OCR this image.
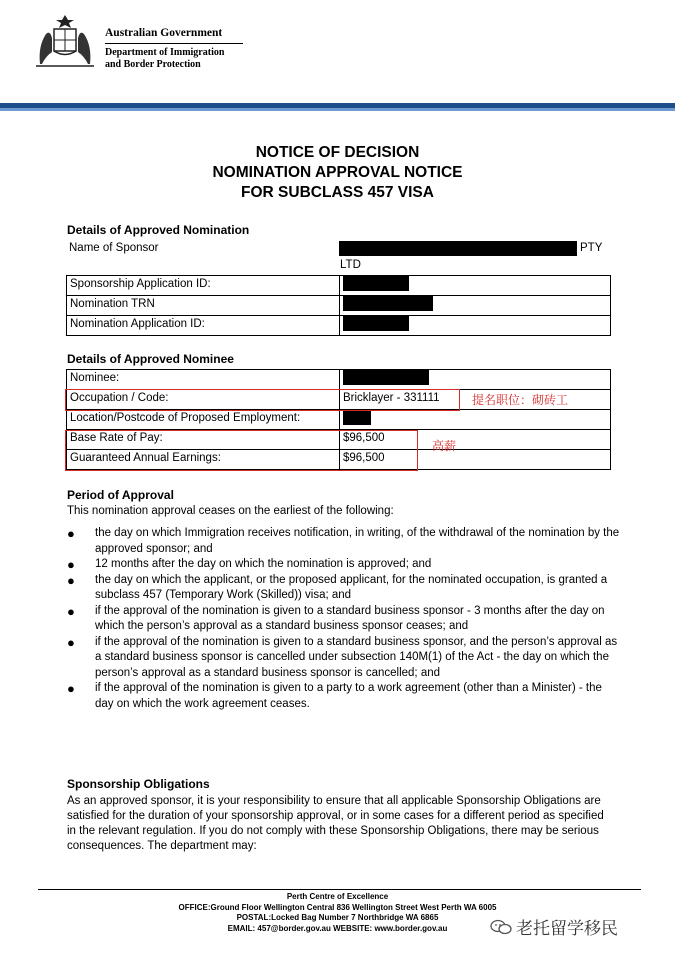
Australian Government
Department of Immigration
and Border Protection
NOTICE OF DECISION
NOMINATION APPROVAL NOTICE
FOR SUBCLASS 457 VISA
Details of Approved Nomination
Name of Sponsor	PTY
LTD
Sponsorship Application ID:	
Nomination TRN	
Nomination Application ID:	
Details of Approved Nominee
Nominee:	
Occupation / Code:	Bricklayer - 331111
Location/Postcode of Proposed Employment:	
Base Rate of Pay:	$96,500
Guaranteed Annual Earnings:	$96,500
提名职位：砌砖工
高薪
Period of Approval
This nomination approval ceases on the earliest of the following:
● the day on which Immigration receives notification, in writing, of the withdrawal of the nomination by the approved sponsor; and
● 12 months after the day on which the nomination is approved; and
● the day on which the applicant, or the proposed applicant, for the nominated occupation, is granted a subclass 457 (Temporary Work (Skilled)) visa; and
● if the approval of the nomination is given to a standard business sponsor - 3 months after the day on which the person’s approval as a standard business sponsor ceases; and
● if the approval of the nomination is given to a standard business sponsor, and the person’s approval as a standard business sponsor is cancelled under subsection 140M(1) of the Act - the day on which the person’s approval as a standard business sponsor is cancelled; and
● if the approval of the nomination is given to a party to a work agreement (other than a Minister) - the day on which the work agreement ceases.
Sponsorship Obligations
As an approved sponsor, it is your responsibility to ensure that all applicable Sponsorship Obligations are satisfied for the duration of your sponsorship approval, or in some cases for a different period as specified in the relevant regulation. If you do not comply with these Sponsorship Obligations, there may be serious consequences. The department may:
Perth Centre of Excellence
OFFICE:Ground Floor Wellington Central 836 Wellington Street West Perth WA 6005
POSTAL:Locked Bag Number 7 Northbridge WA 6865
EMAIL: 457@border.gov.au WEBSITE: www.border.gov.au	老托留学移民
